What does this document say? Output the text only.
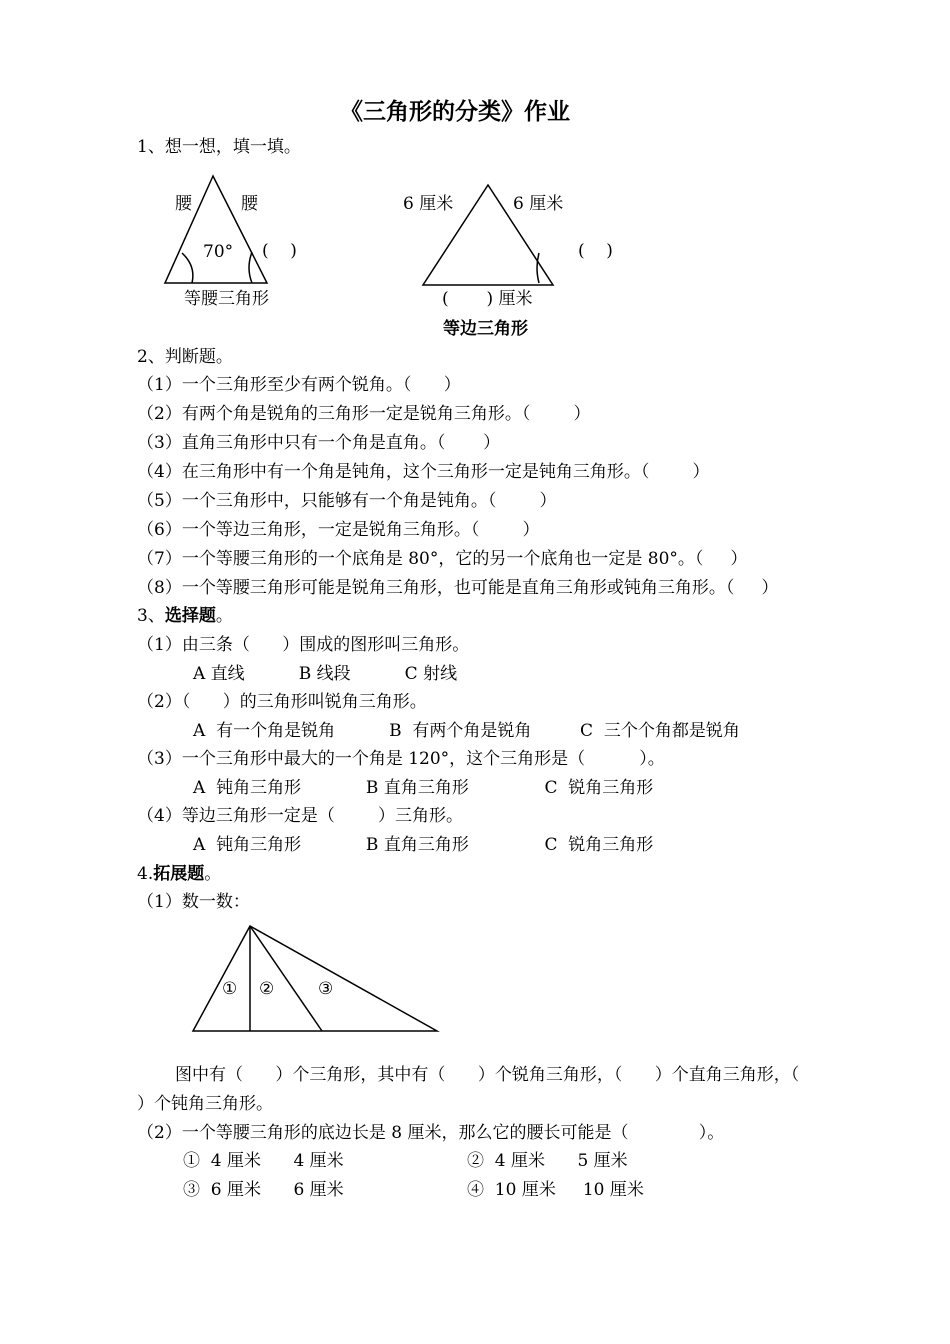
《三角形的分类》作业
1、想一想，填一填。
腰	腰
70° (    )
等腰三角形
6 厘米	6 厘米
(    )
(       ) 厘米
等边三角形
2、判断题。
（1）一个三角形至少有两个锐角。（      ）
（2）有两个角是锐角的三角形一定是锐角三角形。（        ）
（3）直角三角形中只有一个角是直角。（       ）
（4）在三角形中有一个角是钝角，这个三角形一定是钝角三角形。（        ）
（5）一个三角形中，只能够有一个角是钝角。（        ）
（6）一个等边三角形，一定是锐角三角形。（        ）
（7）一个等腰三角形的一个底角是 80°，它的另一个底角也一定是 80°。（     ）
（8）一个等腰三角形可能是锐角三角形，也可能是直角三角形或钝角三角形。（     ）
3、选择题。
（1）由三条（      ）围成的图形叫三角形。
A 直线          B 线段          C 射线
（2）（      ）的三角形叫锐角三角形。
A  有一个角是锐角          B  有两个角是锐角         C  三个个角都是锐角
（3）一个三角形中最大的一个角是 120°，这个三角形是（          ）。
A  钝角三角形            B 直角三角形              C  锐角三角形
（4）等边三角形一定是（        ）三角形。
A  钝角三角形            B 直角三角形              C  锐角三角形
4.拓展题。
（1）数一数：
① ②	③
图中有（      ）个三角形，其中有（      ）个锐角三角形，（      ）个直角三角形，（
）个钝角三角形。
（2）一个等腰三角形的底边长是 8 厘米，那么它的腰长可能是（             ）。
①  4 厘米      4 厘米	②  4 厘米      5 厘米
③  6 厘米      6 厘米	④  10 厘米     10 厘米
